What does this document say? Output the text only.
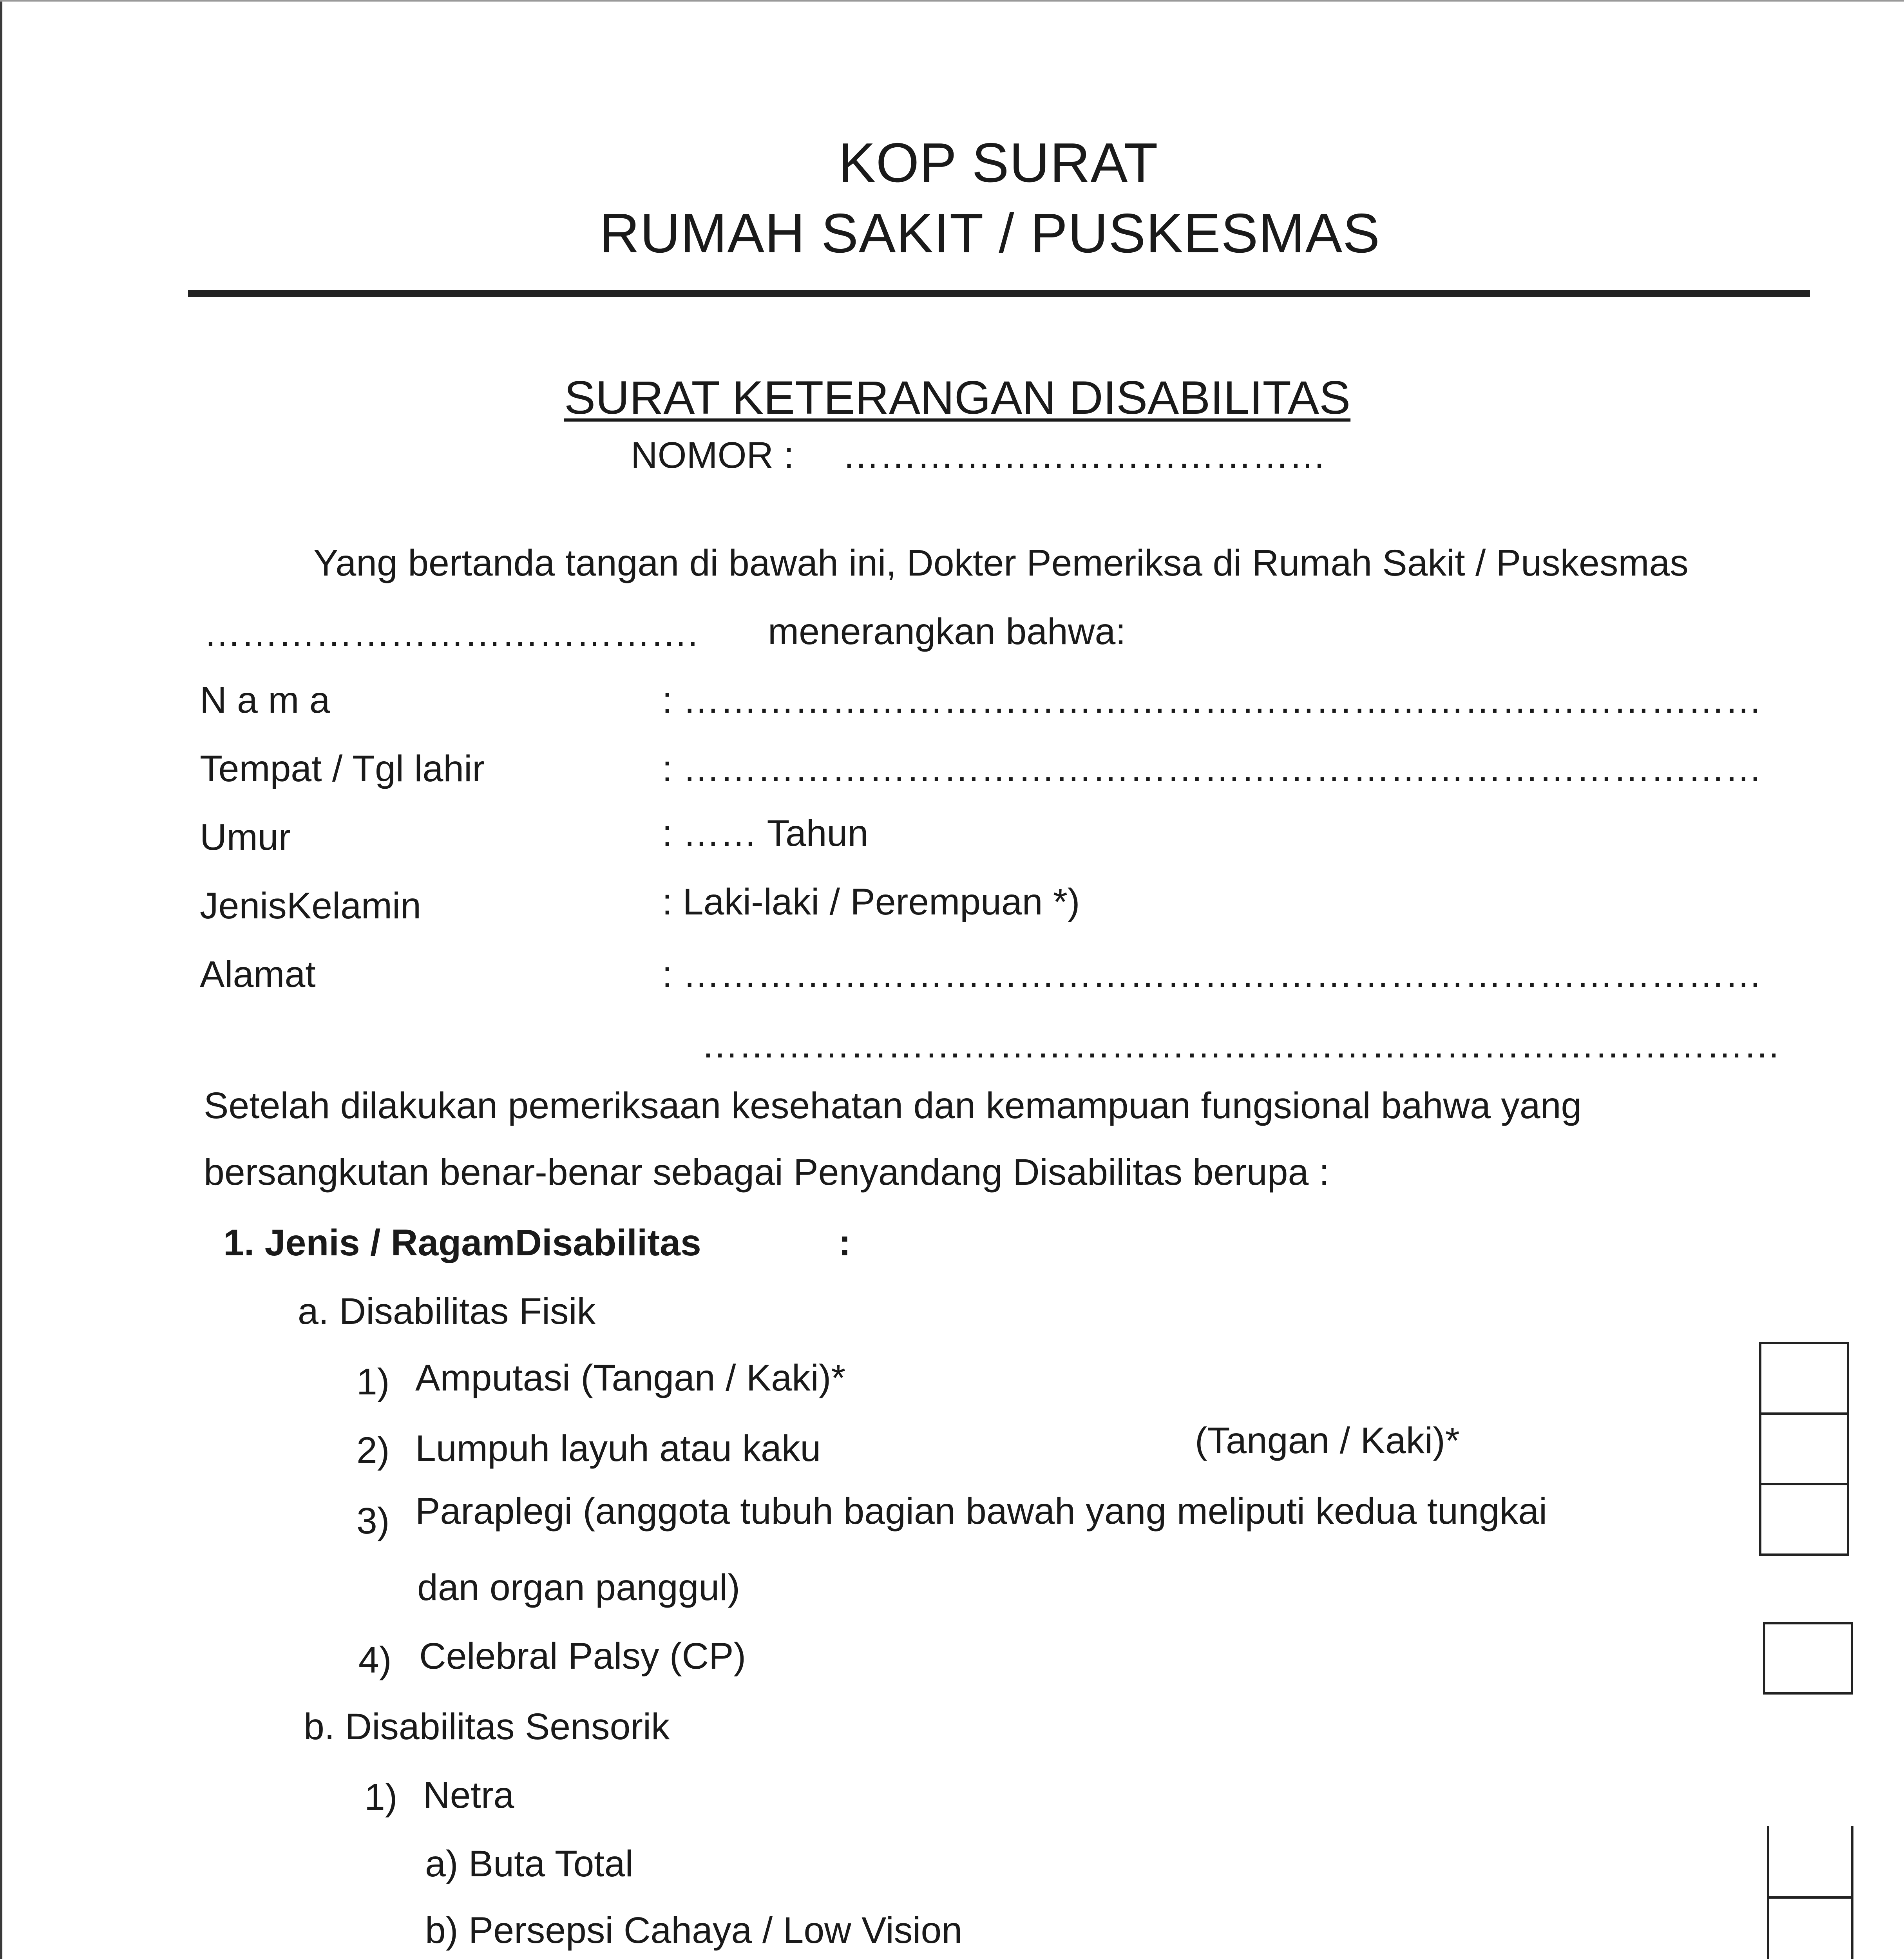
KOP SURAT
RUMAH SAKIT / PUSKESMAS
SURAT KETERANGAN DISABILITAS
NOMOR : …………………………………
Yang bertanda tangan di bawah ini, Dokter Pemeriksa di Rumah Sakit / Puskesmas
…………………………………. menerangkan bahwa:
N a m a	: ……………………………………………………………………………
Tempat / Tgl lahir	: ……………………………………………………………………………
Umur	: …… Tahun
JenisKelamin	: Laki-laki / Perempuan *)
Alamat	: ……………………………………………………………………………
……………………………………………………………………………
Setelah dilakukan pemeriksaan kesehatan dan kemampuan fungsional bahwa yang
bersangkutan benar-benar sebagai Penyandang Disabilitas berupa :
1. Jenis / RagamDisabilitas	:
a. Disabilitas Fisik
1) Amputasi (Tangan / Kaki)*
2) Lumpuh layuh atau kaku	(Tangan / Kaki)*
3) Paraplegi (anggota tubuh bagian bawah yang meliputi kedua tungkai
dan organ panggul)
4) Celebral Palsy (CP)
b. Disabilitas Sensorik
1) Netra
a) Buta Total
b) Persepsi Cahaya / Low Vision
